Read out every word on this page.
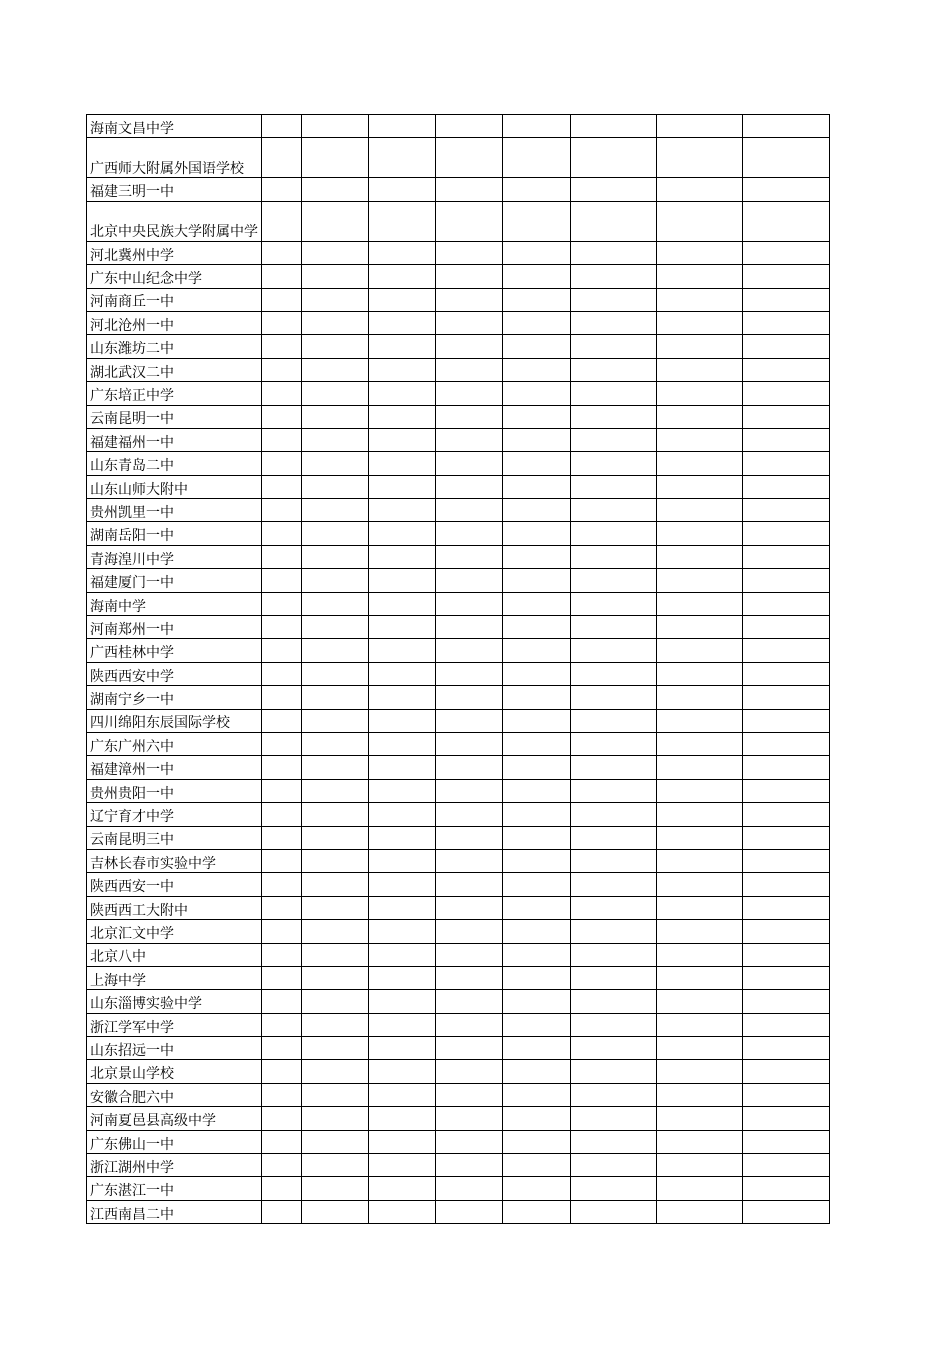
海南文昌中学								
广西师大附属外国语学校								
福建三明一中								
北京中央民族大学附属中学								
河北冀州中学								
广东中山纪念中学								
河南商丘一中								
河北沧州一中								
山东潍坊二中								
湖北武汉二中								
广东培正中学								
云南昆明一中								
福建福州一中								
山东青岛二中								
山东山师大附中								
贵州凯里一中								
湖南岳阳一中								
青海湟川中学								
福建厦门一中								
海南中学								
河南郑州一中								
广西桂林中学								
陕西西安中学								
湖南宁乡一中								
四川绵阳东辰国际学校								
广东广州六中								
福建漳州一中								
贵州贵阳一中								
辽宁育才中学								
云南昆明三中								
吉林长春市实验中学								
陕西西安一中								
陕西西工大附中								
北京汇文中学								
北京八中								
上海中学								
山东淄博实验中学								
浙江学军中学								
山东招远一中								
北京景山学校								
安徽合肥六中								
河南夏邑县高级中学								
广东佛山一中								
浙江湖州中学								
广东湛江一中								
江西南昌二中								
